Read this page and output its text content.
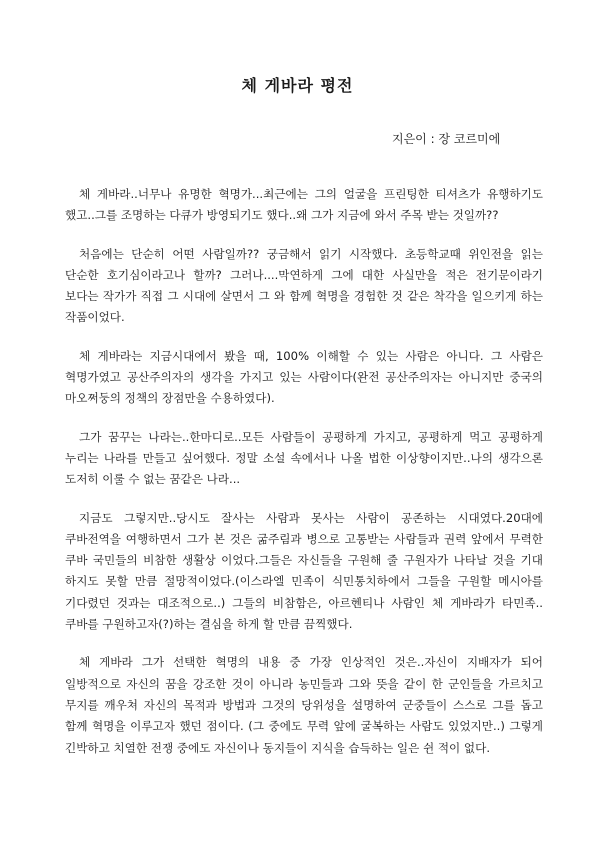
체 게바라 평전

지은이 : 장 코르미에

체 게바라..너무나 유명한 혁명가...최근에는 그의 얼굴을 프린팅한 티셔츠가 유행하기도 했고..그를 조명하는 다큐가 방영되기도 했다..왜 그가 지금에 와서 주목 받는 것일까??

처음에는 단순히 어떤 사람일까?? 궁금해서 읽기 시작했다. 초등학교때 위인전을 읽는 단순한 호기심이라고나 할까? 그러나....막연하게 그에 대한 사실만을 적은 전기문이라기 보다는 작가가 직접 그 시대에 살면서 그 와 함께 혁명을 경험한 것 같은 착각을 일으키게 하는 작품이었다.

체 게바라는 지금시대에서 봤을 때, 100% 이해할 수 있는 사람은 아니다. 그 사람은 혁명가였고 공산주의자의 생각을 가지고 있는 사람이다(완전 공산주의자는 아니지만 중국의 마오쩌둥의 정책의 장점만을 수용하였다).

그가 꿈꾸는 나라는..한마디로..모든 사람들이 공평하게 가지고, 공평하게 먹고 공평하게 누리는 나라를 만들고 싶어했다. 정말 소설 속에서나 나올 법한 이상향이지만..나의 생각으론 도저히 이룰 수 없는 꿈같은 나라...

지금도 그렇지만..당시도 잘사는 사람과 못사는 사람이 공존하는 시대였다.20대에 쿠바전역을 여행하면서 그가 본 것은 굶주림과 병으로 고통받는 사람들과 권력 앞에서 무력한 쿠바 국민들의 비참한 생활상 이었다.그들은 자신들을 구원해 줄 구원자가 나타날 것을 기대 하지도 못할 만큼 절망적이었다.(이스라엘 민족이 식민통치하에서 그들을 구원할 메시아를 기다렸던 것과는 대조적으로..) 그들의 비참함은, 아르헨티나 사람인 체 게바라가 타민족..쿠바를 구원하고자(?)하는 결심을 하게 할 만큼 끔찍했다.

체 게바라 그가 선택한 혁명의 내용 중 가장 인상적인 것은..자신이 지배자가 되어 일방적으로 자신의 꿈을 강조한 것이 아니라 농민들과 그와 뜻을 같이 한 군인들을 가르치고 무지를 깨우쳐 자신의 목적과 방법과 그것의 당위성을 설명하여 군중들이 스스로 그를 돕고 함께 혁명을 이루고자 했던 점이다. (그 중에도 무력 앞에 굴복하는 사람도 있었지만..) 그렇게 긴박하고 치열한 전쟁 중에도 자신이나 동지들이 지식을 습득하는 일은 쉰 적이 없다.
